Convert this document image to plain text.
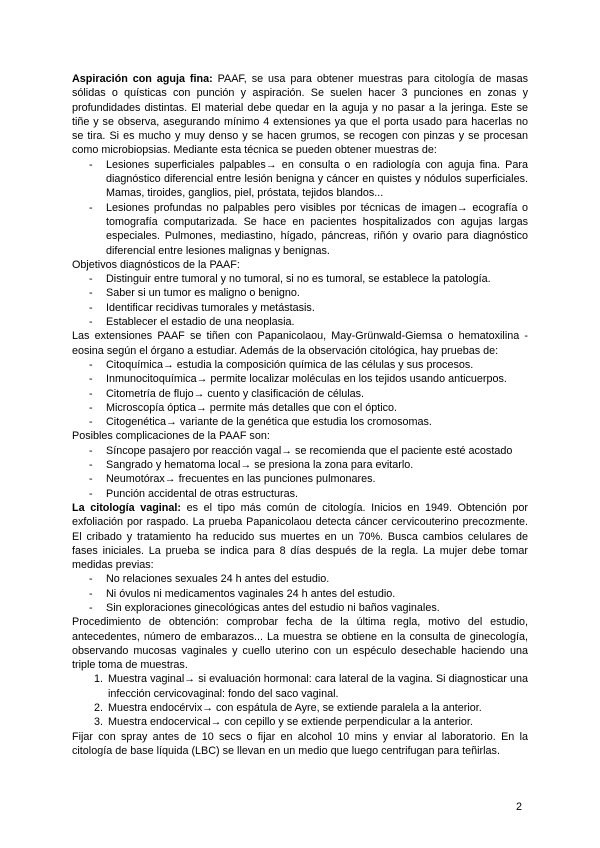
Aspiración con aguja fina: PAAF, se usa para obtener muestras para citología de masas sólidas o quísticas con punción y aspiración. Se suelen hacer 3 punciones en zonas y profundidades distintas. El material debe quedar en la aguja y no pasar a la jeringa. Este se tiñe y se observa, asegurando mínimo 4 extensiones ya que el porta usado para hacerlas no se tira. Si es mucho y muy denso y se hacen grumos, se recogen con pinzas y se procesan como microbiopsias. Mediante esta técnica se pueden obtener muestras de:

- Lesiones superficiales palpables→ en consulta o en radiología con aguja fina. Para diagnóstico diferencial entre lesión benigna y cáncer en quistes y nódulos superficiales. Mamas, tiroides, ganglios, piel, próstata, tejidos blandos...
- Lesiones profundas no palpables pero visibles por técnicas de imagen→ ecografía o tomografía computarizada. Se hace en pacientes hospitalizados con agujas largas especiales. Pulmones, mediastino, hígado, páncreas, riñón y ovario para diagnóstico diferencial entre lesiones malignas y benignas.

Objetivos diagnósticos de la PAAF:

- Distinguir entre tumoral y no tumoral, si no es tumoral, se establece la patología.
- Saber si un tumor es maligno o benigno.
- Identificar recidivas tumorales y metástasis.
- Establecer el estadio de una neoplasia.

Las extensiones PAAF se tiñen con Papanicolaou, May-Grünwald-Giemsa o hematoxilina -eosina según el órgano a estudiar. Además de la observación citológica, hay pruebas de:

- Citoquímica→ estudia la composición química de las células y sus procesos.
- Inmunocitoquímica→ permite localizar moléculas en los tejidos usando anticuerpos.
- Citometría de flujo→ cuento y clasificación de células.
- Microscopía óptica→ permite más detalles que con el óptico.
- Citogenética→ variante de la genética que estudia los cromosomas.

Posibles complicaciones de la PAAF son:

- Síncope pasajero por reacción vagal→ se recomienda que el paciente esté acostado
- Sangrado y hematoma local→ se presiona la zona para evitarlo.
- Neumotórax→ frecuentes en las punciones pulmonares.
- Punción accidental de otras estructuras.

La citología vaginal: es el tipo más común de citología. Inicios en 1949. Obtención por exfoliación por raspado. La prueba Papanicolaou detecta cáncer cervicouterino precozmente. El cribado y tratamiento ha reducido sus muertes en un 70%. Busca cambios celulares de fases iniciales. La prueba se indica para 8 días después de la regla. La mujer debe tomar medidas previas:

- No relaciones sexuales 24 h antes del estudio.
- Ni óvulos ni medicamentos vaginales 24 h antes del estudio.
- Sin exploraciones ginecológicas antes del estudio ni baños vaginales.

Procedimiento de obtención: comprobar fecha de la última regla, motivo del estudio, antecedentes, número de embarazos... La muestra se obtiene en la consulta de ginecología, observando mucosas vaginales y cuello uterino con un espéculo desechable haciendo una triple toma de muestras.

1. Muestra vaginal→ si evaluación hormonal: cara lateral de la vagina. Si diagnosticar una infección cervicovaginal: fondo del saco vaginal.
2. Muestra endocérvix→ con espátula de Ayre, se extiende paralela a la anterior.
3. Muestra endocervical→ con cepillo y se extiende perpendicular a la anterior.

Fijar con spray antes de 10 secs o fijar en alcohol 10 mins y enviar al laboratorio. En la citología de base líquida (LBC) se llevan en un medio que luego centrifugan para teñirlas.

2
